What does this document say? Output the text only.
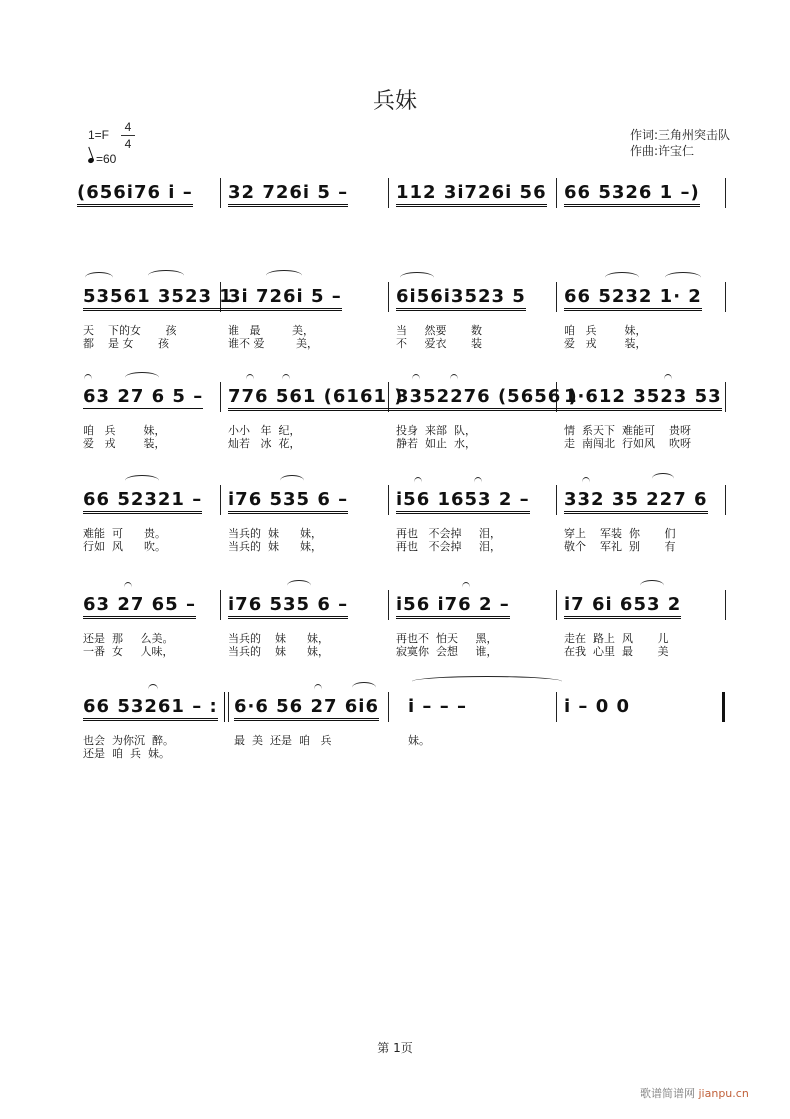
兵妹
1=F
4
4
=60
作词:三角州突击队
作曲:许宝仁
(656i76 i – 32 726i 5 –	112 3i726i 56 66 5326 1 –)
53561 3523 1
3i 726i 5 –	6i56i3523 5 66 5232 1· 2
天    下的女       孩	谁   最         美，	当     然要       数	咱   兵        妹，
都    是 女       孩	谁不 爱         美，	不     爱衣       装	爱   戎        装，
63 27 6 5 – 776 561 (6161 )
3352276 (5656 )
1·612 3523 53
咱   兵        妹，	小小   年  纪，	投身  来部  队，	情  系天下  难能可    贵呀
爱   戎        装，	灿若   冰  花，	静若  如止  水，	走  南闯北  行如风    吹呀
66 52321 – i76 535 6 –	i56 1653 2 – 332 35 227 6
难能  可      贵。	当兵的  妹      妹，	再也   不会掉     泪，	穿上    军装  你       们
行如  风      吹。	当兵的  妹      妹，	再也   不会掉     泪，	敬个    军礼  别       有
63 27 65 – i76 535 6 –	i56 i76 2 –	i7 6i 653 2
还是  那     么美。	当兵的    妹      妹，	再也不  怕天     黑，	走在  路上  风       儿
一番  女     人味，	当兵的    妹      妹，	寂寞你  会想     谁，	在我  心里  最       美
66 53261 – : 6·6 56 27 6i6 i – – –	i – 0 0
也会  为你沉  醉。	最  美  还是  咱   兵	妹。
还是  咱  兵  妹。
第 1页
歌谱简谱网 jianpu.cn
